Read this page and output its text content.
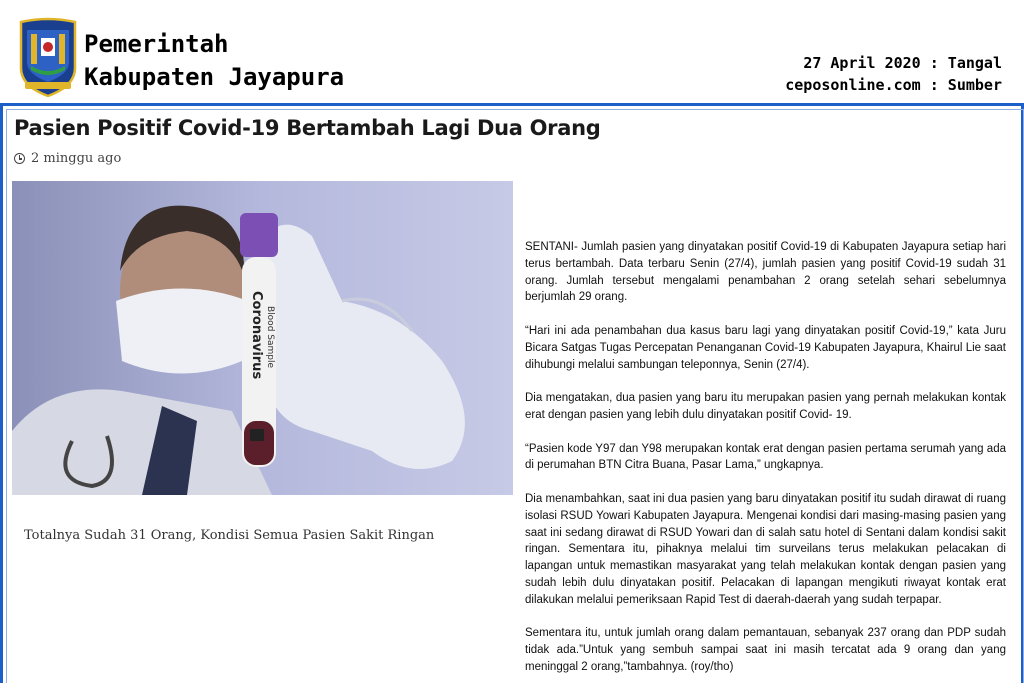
Pemerintah
Kabupaten Jayapura	27 April 2020 : Tangal
ceposonline.com : Sumber
Pasien Positif Covid-19 Bertambah Lagi Dua Orang
2 minggu ago
Coronavirus Blood Sample
Totalnya Sudah 31 Orang, Kondisi Semua Pasien Sakit Ringan

SENTANI- Jumlah pasien yang dinyatakan positif Covid-19 di Kabupaten Jayapura setiap hari terus bertambah. Data terbaru Senin (27/4), jumlah pasien yang positif Covid-19 sudah 31 orang. Jumlah tersebut mengalami penambahan 2 orang setelah sehari sebelumnya berjumlah 29 orang.

“Hari ini ada penambahan dua kasus baru lagi yang dinyatakan positif Covid-19,” kata Juru Bicara Satgas Tugas Percepatan Penanganan Covid-19 Kabupaten Jayapura, Khairul Lie saat dihubungi melalui sambungan teleponnya, Senin (27/4).

Dia mengatakan, dua pasien yang baru itu merupakan pasien yang pernah melakukan kontak erat dengan pasien yang lebih dulu dinyatakan positif Covid- 19.

“Pasien kode Y97 dan Y98 merupakan kontak erat dengan pasien pertama serumah yang ada di perumahan BTN Citra Buana, Pasar Lama,” ungkapnya.

Dia menambahkan, saat ini dua pasien yang baru dinyatakan positif itu sudah dirawat di ruang isolasi RSUD Yowari Kabupaten Jayapura. Mengenai kondisi dari masing-masing pasien yang saat ini sedang dirawat di RSUD Yowari dan di salah satu hotel di Sentani dalam kondisi sakit ringan. Sementara itu, pihaknya melalui tim surveilans terus melakukan pelacakan di lapangan untuk memastikan masyarakat yang telah melakukan kontak dengan pasien yang sudah lebih dulu dinyatakan positif. Pelacakan di lapangan mengikuti riwayat kontak erat dilakukan melalui pemeriksaan Rapid Test di daerah-daerah yang sudah terpapar.

Sementara itu, untuk jumlah orang dalam pemantauan, sebanyak 237 orang dan PDP sudah tidak ada.”Untuk yang sembuh sampai saat ini masih tercatat ada 9 orang dan yang meninggal 2 orang,”tambahnya. (roy/tho)
